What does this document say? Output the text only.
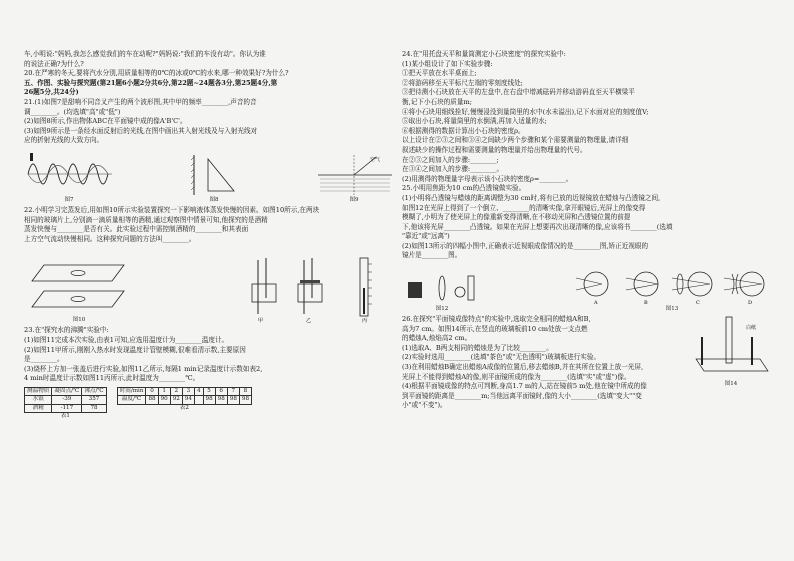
车,小明说:"妈妈,我怎么感觉我们的车在动呢?"妈妈说:"我们的车没有动"。你认为谁
的说法正确?为什么?
20.在严寒的冬天,要将汽水分别,用质量相等的0℃的冰或0℃的水来,哪一种效果好?为什么?
五、作图、实验与探究题(第21题6小题2分共6分,第22题~24题各3分,第25题4分,第
26题5分,共24分)
21.(1)如图7是甜响不同音叉产生的两个波形图,其中甲的频率________,声音的音
调________。(均选填"高"或"低")
(2)如图8所示,作出物体ABC在平面镜中成的像A'B'C'。
(3)如图9所示是一条经水面反射后的光线,在图中画出其入射光线及与入射光线对
应的折射光线的大致方向。
图7	图8
空气
图9
22.小明学习完蒸发后,用如图10所示实验装置探究一下影响液体蒸发快慢的因素。如图10所示,在两块
相同的玻璃片上,分别滴一滴质量相等的酒精,通过观察图中情景可知,他探究的是酒精
蒸发快慢与________是否有关。此实验过程中需控制酒精的________和其表面
上方空气流动快慢相同。这种探究问题的方法叫________。
图10	甲	乙	丙
23.在"探究水的沸腾"实验中:
(1)如图11完成本次实验,由表1可知,应选用温度计为________温度计。
(2)如图11甲所示,刚刚入热水时发现温度计管壁模糊,很难看清示数,主要原因
是________。
(3)烧杯上方加一张盖后进行实验,如图11乙所示,每隔1 min记录温度计示数如表2,
4 min时温度计示数如图11丙所示,此时温度为________℃。
测温物质	凝固点/℃	沸点/℃
水银	-39	357
酒精	-117	78
表1
时间/min	0	1	2	3	4	5	6	7	8
温度/℃	88	90	92	94		98	98	98	98
表2
24.在"用托盘天平和量筒测定小石块密度"的探究实验中:
(1)某小组设计了如下实验步骤:
①把天平放在水平桌面上;
②将游码移至天平标尺左端的零刻度线处;
③把待测小石块放在天平的左盘中,在右盘中增减砝码并移动游码直至天平横梁平
衡,记下小石块的质量m;
④将小石块用细线拴好,慢慢浸没到量筒里的水中(水未溢出),记下水面对应的刻度值V;
⑤取出小石块,将量筒里的水倒满,再加入适量的水;
⑥根据测得的数据计算出小石块的密度ρ。
以上设计在②③之间和③④之间缺少两个步骤和某个需要测量的物理量,请详细
叙述缺少的操作过程和需要测量的物理量并给出物理量的代号。
在②③之间加入的步骤:________;
在③④之间加入的步骤:________。
(2)用测得的物理量字母表示该小石块的密度ρ=________。
25.小明用焦距为10 cm的凸透镜做实验。
(1)小明将凸透镜与蜡烛的距离调整为30 cm时,将有已放的近视镜放在蜡烛与凸透镜之间,
如图12在光屏上得到了一个倒立、________的清晰实像,拿开眼镜后,光屏上的像变得
模糊了,小明为了使光屏上的像重新变得清晰,在不移动光屏和凸透镜位置的前提
下,他该将光屏________凸透镜。如果在光屏上想要再次出现清晰的像,应该将书________(选填
"靠近"或"远离")
(2)如图13所示的四幅小图中,正确表示近视眼成像情况的是________图,矫正近视眼的
镜片是________图。
图12
A	B	C	D
图13
26.在探究"平面镜成像特点"的实验中,选取完全相同的蜡烛A和B,
高为7 cm。如图14所示,在竖直的玻璃板前10 cm处放一支点燃
的蜡烛A,烛焰高2 cm。
(1)选取A、B两支相同的蜡烛是为了比较________。
(2)实验时选用________(选填"茶色"或"无色透明")玻璃板进行实验。
(3)在利用蜡烛B确定出蜡烛A成像的位置后,移去蜡烛B,并在其所在位置上放一光屏,
光屏上不能得到蜡烛A的像,则平面镜所成的像为________(选填"实"或"虚")像。
(4)根据平面镜成像的特点可判断,身高1.7 m的人,站在镜前5 m处,他在镜中所成的像
到平面镜的距离是________m;当他远离平面镜时,像的大小________(选填"变大""变
小"或"不变")。
白纸
图14
